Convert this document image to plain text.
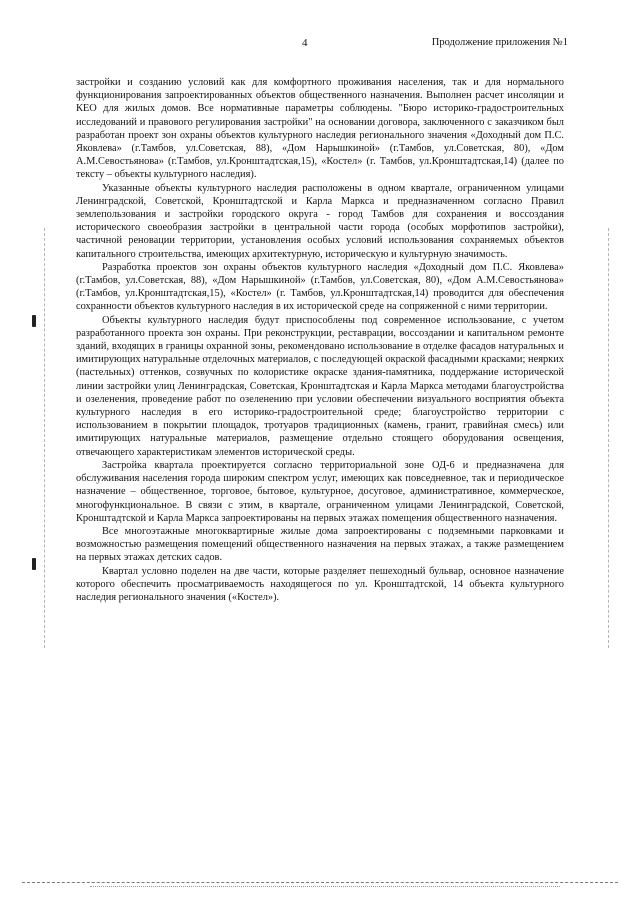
4	Продолжение приложения №1

застройки и созданию условий как для комфортного проживания населения, так и для нормального функционирования запроектированных объектов общественного назначения. Выполнен расчет инсоляции и КЕО для жилых домов. Все нормативные параметры соблюдены. "Бюро историко-градостроительных исследований и правового регулирования застройки" на основании договора, заключенного с заказчиком был разработан проект зон охраны объектов культурного наследия регионального значения «Доходный дом П.С. Яковлева» (г.Тамбов, ул.Советская, 88), «Дом Нарышкиной» (г.Тамбов, ул.Советская, 80), «Дом А.М.Севостьянова» (г.Тамбов, ул.Кронштадтская,15), «Костел» (г. Тамбов, ул.Кронштадтская,14) (далее по тексту – объекты культурного наследия).

Указанные объекты культурного наследия расположены в одном квартале, ограниченном улицами Ленинградской, Советской, Кронштадтской и Карла Маркса и предназначенном согласно Правил землепользования и застройки городского округа - город Тамбов для сохранения и воссоздания исторического своеобразия застройки в центральной части города (особых морфотипов застройки), частичной реновации территории, установления особых условий использования сохраняемых объектов капитального строительства, имеющих архитектурную, историческую и культурную значимость.

Разработка проектов зон охраны объектов культурного наследия «Доходный дом П.С. Яковлева» (г.Тамбов, ул.Советская, 88), «Дом Нарышкиной» (г.Тамбов, ул.Советская, 80), «Дом А.М.Севостьянова» (г.Тамбов, ул.Кронштадтская,15), «Костел» (г. Тамбов, ул.Кронштадтская,14) проводится для обеспечения сохранности объектов культурного наследия в их исторической среде на сопряженной с ними территории.

Объекты культурного наследия будут приспособлены под современное использование, с учетом разработанного проекта зон охраны. При реконструкции, реставрации, воссоздании и капитальном ремонте зданий, входящих в границы охранной зоны, рекомендовано использование в отделке фасадов натуральных и имитирующих натуральные отделочных материалов, с последующей окраской фасадными красками; неярких (пастельных) оттенков, созвучных по колористике окраске здания-памятника, поддержание исторической линии застройки улиц Ленинградская, Советская, Кронштадтская и Карла Маркса методами благоустройства и озеленения, проведение работ по озеленению при условии обеспечении визуального восприятия объекта культурного наследия в его историко-градостроительной среде; благоустройство территории с использованием в покрытии площадок, тротуаров традиционных (камень, гранит, гравийная смесь) или имитирующих натуральные материалов, размещение отдельно стоящего оборудования освещения, отвечающего характеристикам элементов исторической среды.

Застройка квартала проектируется согласно территориальной зоне ОД-6 и предназначена для обслуживания населения города широким спектром услуг, имеющих как повседневное, так и периодическое назначение – общественное, торговое, бытовое, культурное, досуговое, административное, коммерческое, многофункциональное. В связи с этим, в квартале, ограниченном улицами Ленинградской, Советской, Кронштадтской и Карла Маркса запроектированы на первых этажах помещения общественного назначения.

Все многоэтажные многоквартирные жилые дома запроектированы с подземными парковками и возможностью размещения помещений общественного назначения на первых этажах, а также размещением на первых этажах детских садов.

Квартал условно поделен на две части, которые разделяет пешеходный бульвар, основное назначение которого обеспечить просматриваемость находящегося по ул. Кронштадтской, 14 объекта культурного наследия регионального значения («Костел»).
